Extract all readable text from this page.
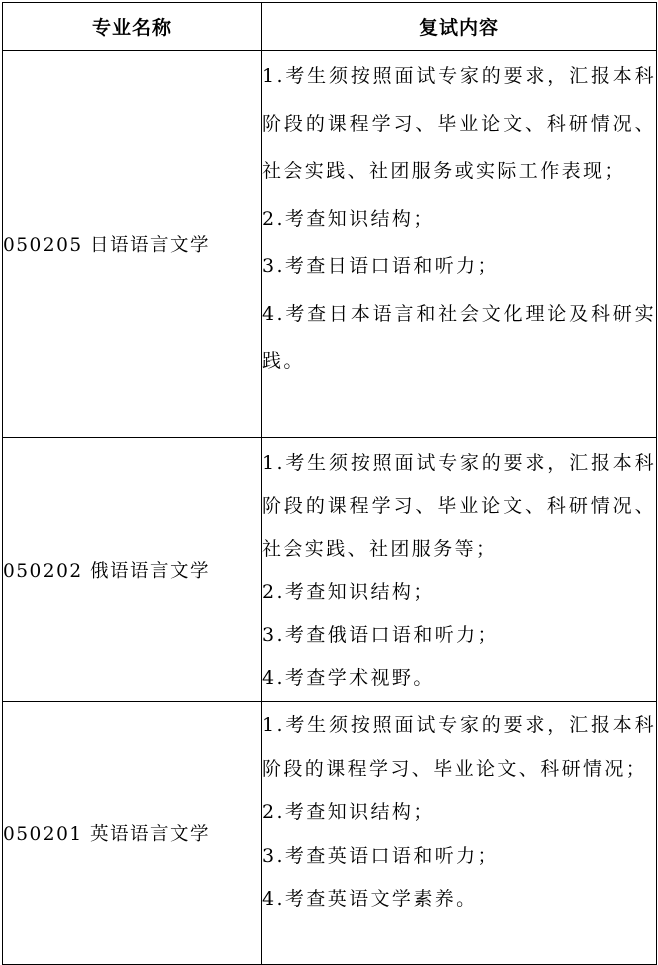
专业名称	复试内容
050205 日语语言文学	1.考生须按照面试专家的要求，汇报本科阶段的课程学习、毕业论文、科研情况、社会实践、社团服务或实际工作表现；
2.考查知识结构；
3.考查日语口语和听力；
4.考查日本语言和社会文化理论及科研实践。

050202 俄语语言文学	1.考生须按照面试专家的要求，汇报本科阶段的课程学习、毕业论文、科研情况、社会实践、社团服务等；
2.考查知识结构；
3.考查俄语口语和听力；
4.考查学术视野。

050201 英语语言文学	1.考生须按照面试专家的要求，汇报本科阶段的课程学习、毕业论文、科研情况；
2.考查知识结构；
3.考查英语口语和听力；
4.考查英语文学素养。
